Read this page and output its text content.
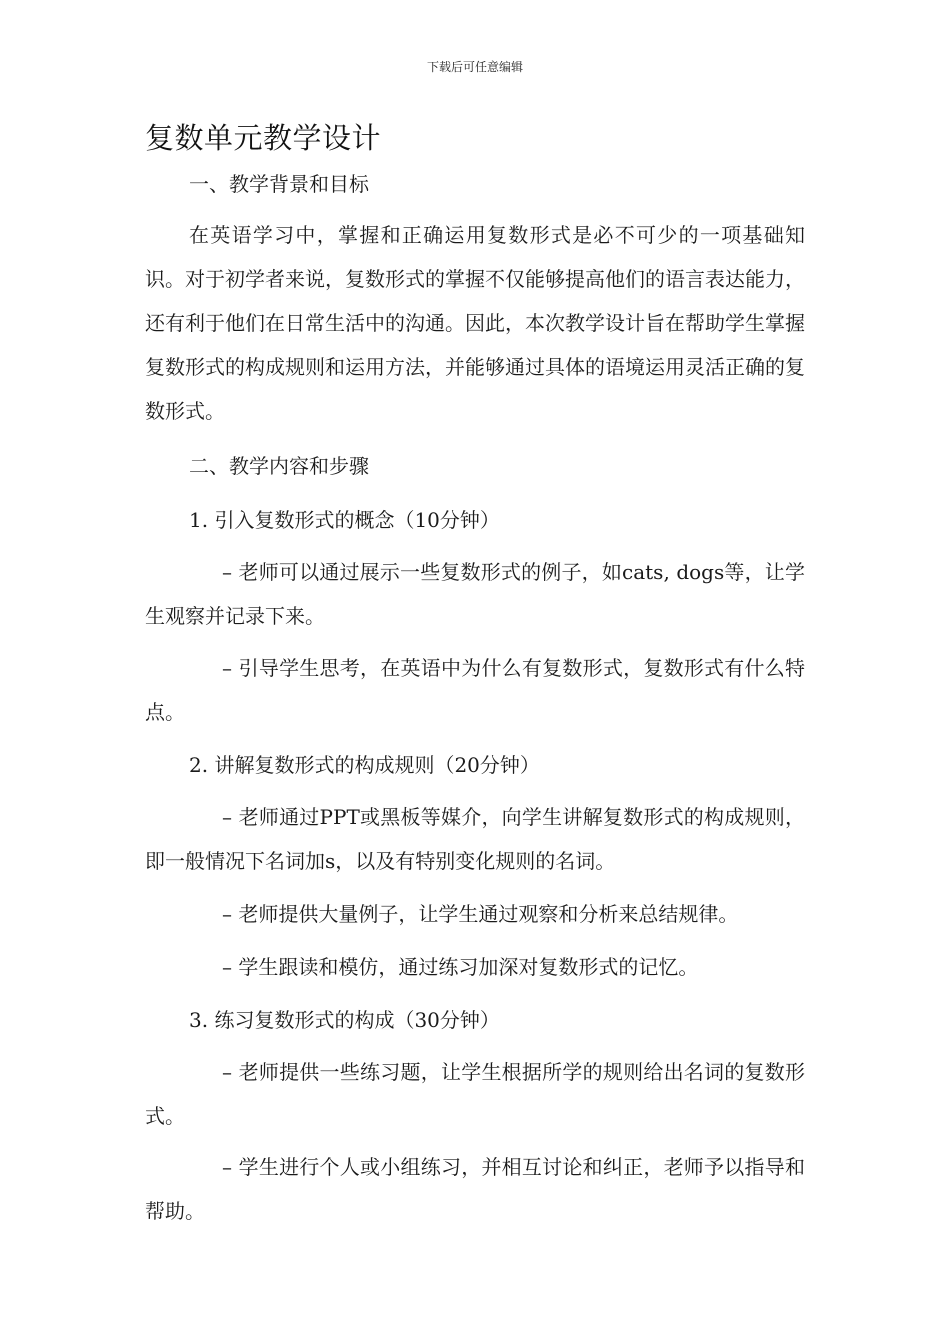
下载后可任意编辑
复数单元教学设计
一、教学背景和目标

在英语学习中，掌握和正确运用复数形式是必不可少的一项基础知识。对于初学者来说，复数形式的掌握不仅能够提高他们的语言表达能力，还有利于他们在日常生活中的沟通。因此，本次教学设计旨在帮助学生掌握复数形式的构成规则和运用方法，并能够通过具体的语境运用灵活正确的复数形式。

二、教学内容和步骤
1. 引入复数形式的概念（10分钟）

– 老师可以通过展示一些复数形式的例子，如cats, dogs等，让学生观察并记录下来。

– 引导学生思考，在英语中为什么有复数形式，复数形式有什么特点。

2. 讲解复数形式的构成规则（20分钟）

– 老师通过PPT或黑板等媒介，向学生讲解复数形式的构成规则，即一般情况下名词加s，以及有特别变化规则的名词。

– 老师提供大量例子，让学生通过观察和分析来总结规律。

– 学生跟读和模仿，通过练习加深对复数形式的记忆。

3. 练习复数形式的构成（30分钟）

– 老师提供一些练习题，让学生根据所学的规则给出名词的复数形式。

– 学生进行个人或小组练习，并相互讨论和纠正，老师予以指导和帮助。
